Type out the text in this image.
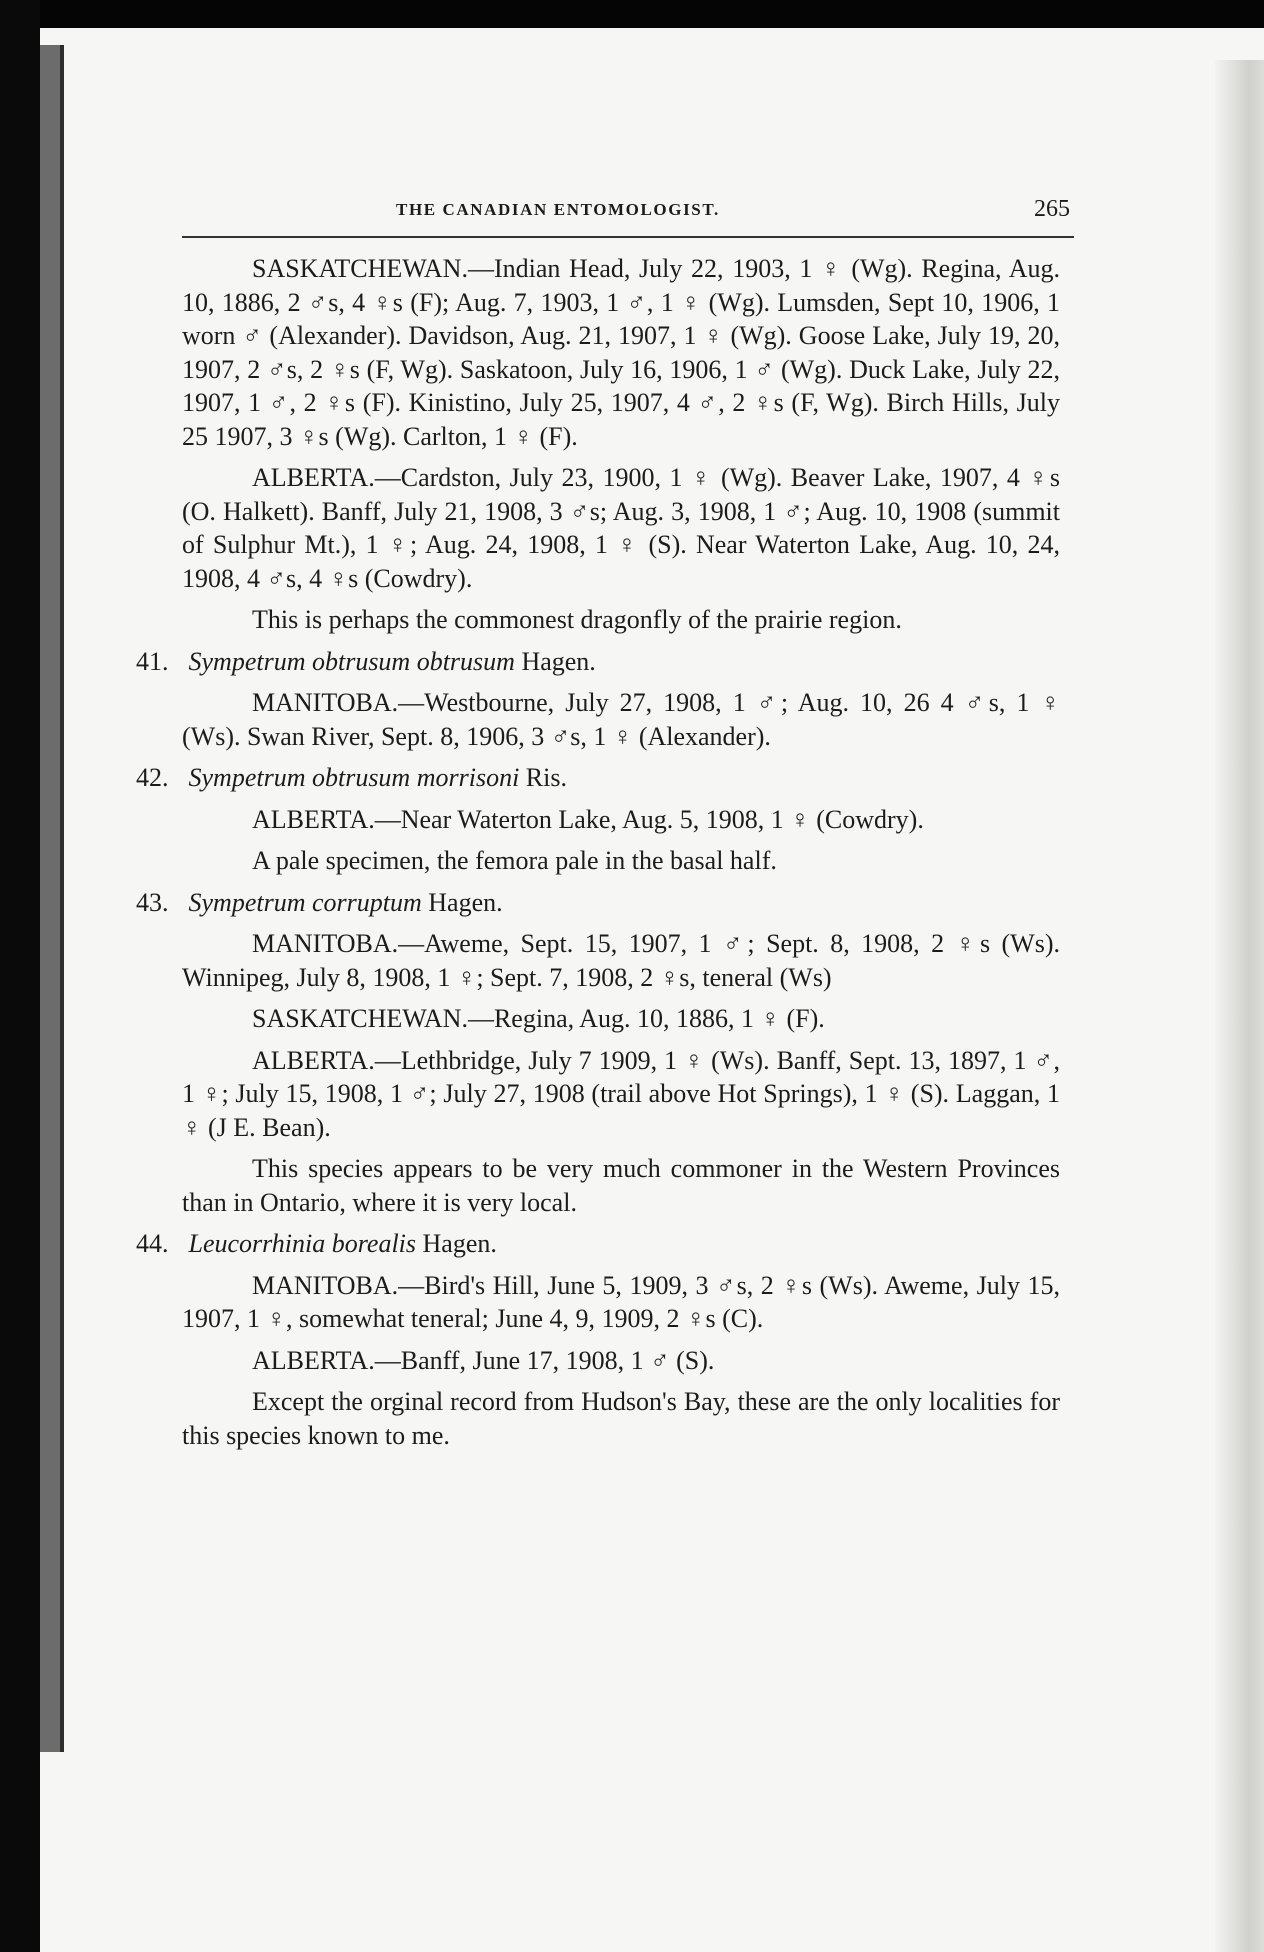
THE CANADIAN ENTOMOLOGIST.	265

SASKATCHEWAN.—Indian Head, July 22, 1903, 1 ♀ (Wg). Regina, Aug. 10, 1886, 2 ♂s, 4 ♀s (F); Aug. 7, 1903, 1 ♂, 1 ♀ (Wg). Lumsden, Sept 10, 1906, 1 worn ♂ (Alexander). Davidson, Aug. 21, 1907, 1 ♀ (Wg). Goose Lake, July 19, 20, 1907, 2 ♂s, 2 ♀s (F, Wg). Saskatoon, July 16, 1906, 1 ♂ (Wg). Duck Lake, July 22, 1907, 1 ♂, 2 ♀s (F). Kinistino, July 25, 1907, 4 ♂, 2 ♀s (F, Wg). Birch Hills, July 25 1907, 3 ♀s (Wg). Carlton, 1 ♀ (F).

ALBERTA.—Cardston, July 23, 1900, 1 ♀ (Wg). Beaver Lake, 1907, 4 ♀s (O. Halkett). Banff, July 21, 1908, 3 ♂s; Aug. 3, 1908, 1 ♂; Aug. 10, 1908 (summit of Sulphur Mt.), 1 ♀; Aug. 24, 1908, 1 ♀ (S). Near Waterton Lake, Aug. 10, 24, 1908, 4 ♂s, 4 ♀s (Cowdry).

This is perhaps the commonest dragonfly of the prairie region.

41. Sympetrum obtrusum obtrusum Hagen.

MANITOBA.—Westbourne, July 27, 1908, 1 ♂; Aug. 10, 26 4 ♂s, 1 ♀ (Ws). Swan River, Sept. 8, 1906, 3 ♂s, 1 ♀ (Alexander).

42. Sympetrum obtrusum morrisoni Ris.

ALBERTA.—Near Waterton Lake, Aug. 5, 1908, 1 ♀ (Cowdry).

A pale specimen, the femora pale in the basal half.

43. Sympetrum corruptum Hagen.

MANITOBA.—Aweme, Sept. 15, 1907, 1 ♂; Sept. 8, 1908, 2 ♀s (Ws). Winnipeg, July 8, 1908, 1 ♀; Sept. 7, 1908, 2 ♀s, teneral (Ws)

SASKATCHEWAN.—Regina, Aug. 10, 1886, 1 ♀ (F).

ALBERTA.—Lethbridge, July 7 1909, 1 ♀ (Ws). Banff, Sept. 13, 1897, 1 ♂, 1 ♀; July 15, 1908, 1 ♂; July 27, 1908 (trail above Hot Springs), 1 ♀ (S). Laggan, 1 ♀ (J E. Bean).

This species appears to be very much commoner in the Western Provinces than in Ontario, where it is very local.

44. Leucorrhinia borealis Hagen.

MANITOBA.—Bird's Hill, June 5, 1909, 3 ♂s, 2 ♀s (Ws). Aweme, July 15, 1907, 1 ♀, somewhat teneral; June 4, 9, 1909, 2 ♀s (C).

ALBERTA.—Banff, June 17, 1908, 1 ♂ (S).

Except the orginal record from Hudson's Bay, these are the only localities for this species known to me.
